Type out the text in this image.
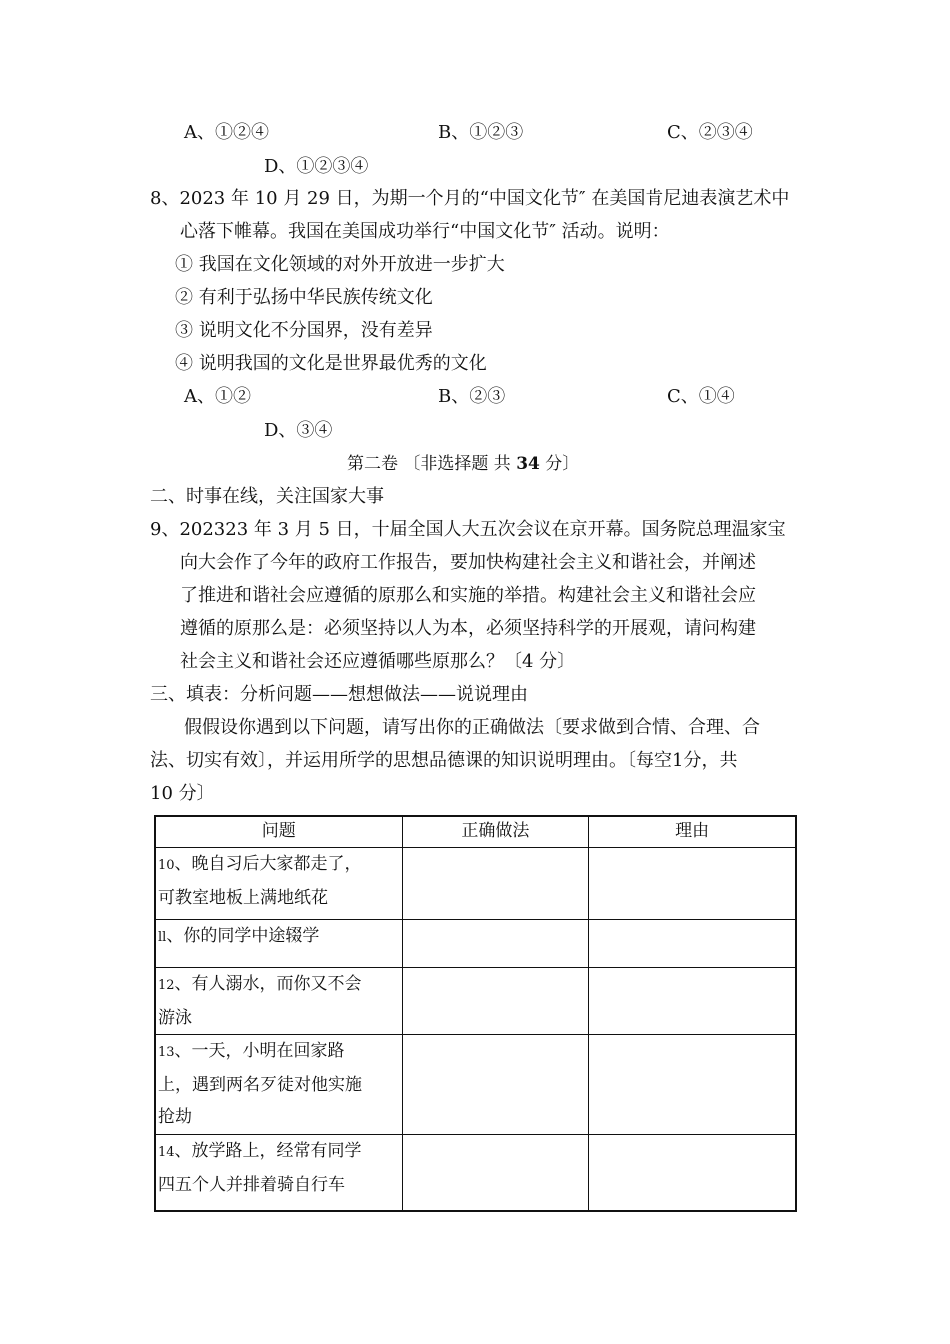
A、①②④	B、①②③	C、②③④
D、①②③④
8、2023 年 10 月 29 日，为期一个月的“中国文化节″ 在美国肯尼迪表演艺术中
心落下帷幕。我国在美国成功举行“中国文化节″ 活动。说明：
① 我国在文化领域的对外开放进一步扩大
② 有利于弘扬中华民族传统文化
③ 说明文化不分国界，没有差异
④ 说明我国的文化是世界最优秀的文化
A、①②	B、②③	C、①④
D、③④
第二卷 〔非选择题 共 34 分〕
二、时事在线，关注国家大事
9、202323 年 3 月 5 日，十届全国人大五次会议在京开幕。国务院总理温家宝
向大会作了今年的政府工作报告，要加快构建社会主义和谐社会，并阐述
了推进和谐社会应遵循的原那么和实施的举措。构建社会主义和谐社会应
遵循的原那么是：必须坚持以人为本，必须坚持科学的开展观，请问构建
社会主义和谐社会还应遵循哪些原那么？〔4 分〕
三、填表：分析问题——想想做法——说说理由
假假设你遇到以下问题，请写出你的正确做法〔要求做到合情、合理、合
法、切实有效〕，并运用所学的思想品德课的知识说明理由。〔每空1分，共
10 分〕
问题	正确做法	理由
10、晚自习后大家都走了，
可教室地板上满地纸花		
ll、你的同学中途辍学		
12、有人溺水，而你又不会
游泳		
13、一天，小明在回家路
上，遇到两名歹徒对他实施
抢劫		
14、放学路上，经常有同学
四五个人并排着骑自行车		
